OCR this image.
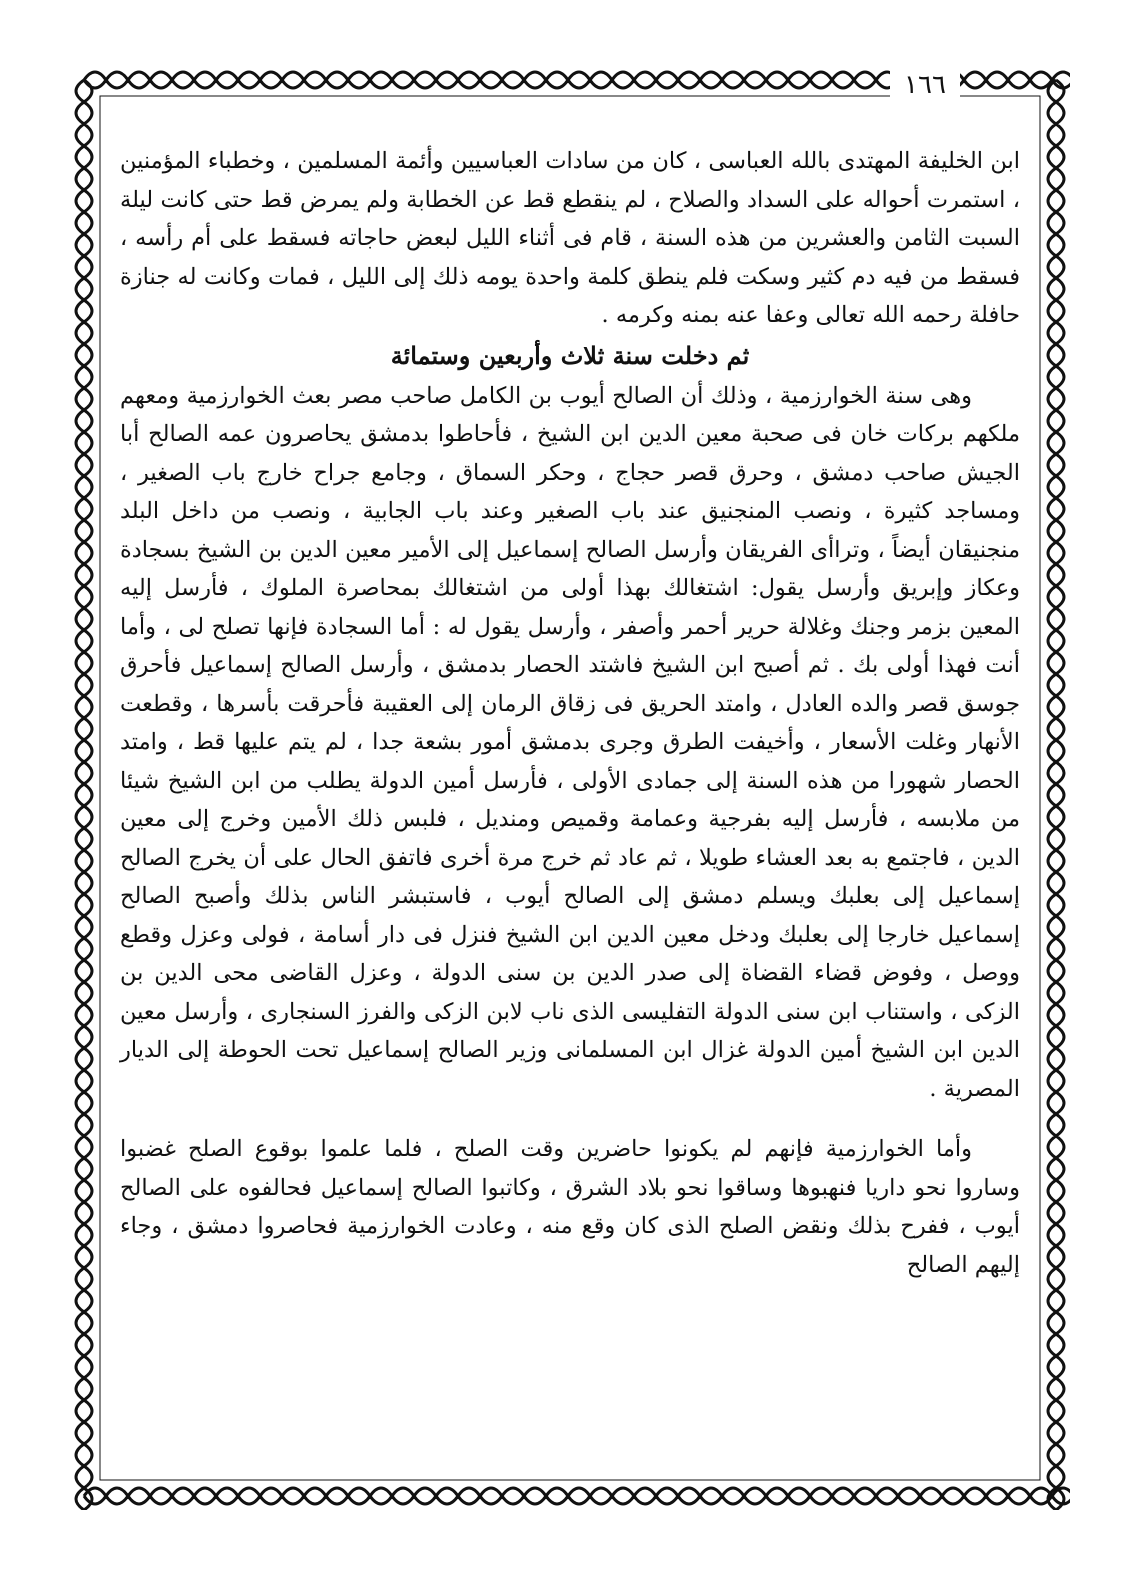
١٦٦

ابن الخليفة المهتدى بالله العباسى ، كان من سادات العباسيين وأئمة المسلمين ، وخطباء المؤمنين ، استمرت أحواله على السداد والصلاح ، لم ينقطع قط عن الخطابة ولم يمرض قط حتى كانت ليلة السبت الثامن والعشرين من هذه السنة ، قام فى أثناء الليل لبعض حاجاته فسقط على أم رأسه ، فسقط من فيه دم كثير وسكت فلم ينطق كلمة واحدة يومه ذلك إلى الليل ، فمات وكانت له جنازة حافلة رحمه الله تعالى وعفا عنه بمنه وكرمه .

ثم دخلت سنة ثلاث وأربعين وستمائة

وهى سنة الخوارزمية ، وذلك أن الصالح أيوب بن الكامل صاحب مصر بعث الخوارزمية ومعهم ملكهم بركات خان فى صحبة معين الدين ابن الشيخ ، فأحاطوا بدمشق يحاصرون عمه الصالح أبا الجيش صاحب دمشق ، وحرق قصر حجاج ، وحكر السماق ، وجامع جراح خارج باب الصغير ، ومساجد كثيرة ، ونصب المنجنيق عند باب الصغير وعند باب الجابية ، ونصب من داخل البلد منجنيقان أيضاً ، وتراأى الفريقان وأرسل الصالح إسماعيل إلى الأمير معين الدين بن الشيخ بسجادة وعكاز وإبريق وأرسل يقول: اشتغالك بهذا أولى من اشتغالك بمحاصرة الملوك ، فأرسل إليه المعين بزمر وجنك وغلالة حرير أحمر وأصفر ، وأرسل يقول له : أما السجادة فإنها تصلح لى ، وأما أنت فهذا أولى بك . ثم أصبح ابن الشيخ فاشتد الحصار بدمشق ، وأرسل الصالح إسماعيل فأحرق جوسق قصر والده العادل ، وامتد الحريق فى زقاق الرمان إلى العقيبة فأحرقت بأسرها ، وقطعت الأنهار وغلت الأسعار ، وأخيفت الطرق وجرى بدمشق أمور بشعة جدا ، لم يتم عليها قط ، وامتد الحصار شهورا من هذه السنة إلى جمادى الأولى ، فأرسل أمين الدولة يطلب من ابن الشيخ شيئا من ملابسه ، فأرسل إليه بفرجية وعمامة وقميص ومنديل ، فلبس ذلك الأمين وخرج إلى معين الدين ، فاجتمع به بعد العشاء طويلا ، ثم عاد ثم خرج مرة أخرى فاتفق الحال على أن يخرج الصالح إسماعيل إلى بعلبك ويسلم دمشق إلى الصالح أيوب ، فاستبشر الناس بذلك وأصبح الصالح إسماعيل خارجا إلى بعلبك ودخل معين الدين ابن الشيخ فنزل فى دار أسامة ، فولى وعزل وقطع ووصل ، وفوض قضاء القضاة إلى صدر الدين بن سنى الدولة ، وعزل القاضى محى الدين بن الزكى ، واستناب ابن سنى الدولة التفليسى الذى ناب لابن الزكى والفرز السنجارى ، وأرسل معين الدين ابن الشيخ أمين الدولة غزال ابن المسلمانى وزير الصالح إسماعيل تحت الحوطة إلى الديار المصرية .

وأما الخوارزمية فإنهم لم يكونوا حاضرين وقت الصلح ، فلما علموا بوقوع الصلح غضبوا وساروا نحو داريا فنهبوها وساقوا نحو بلاد الشرق ، وكاتبوا الصالح إسماعيل فحالفوه على الصالح أيوب ، ففرح بذلك ونقض الصلح الذى كان وقع منه ، وعادت الخوارزمية فحاصروا دمشق ، وجاء إليهم الصالح
